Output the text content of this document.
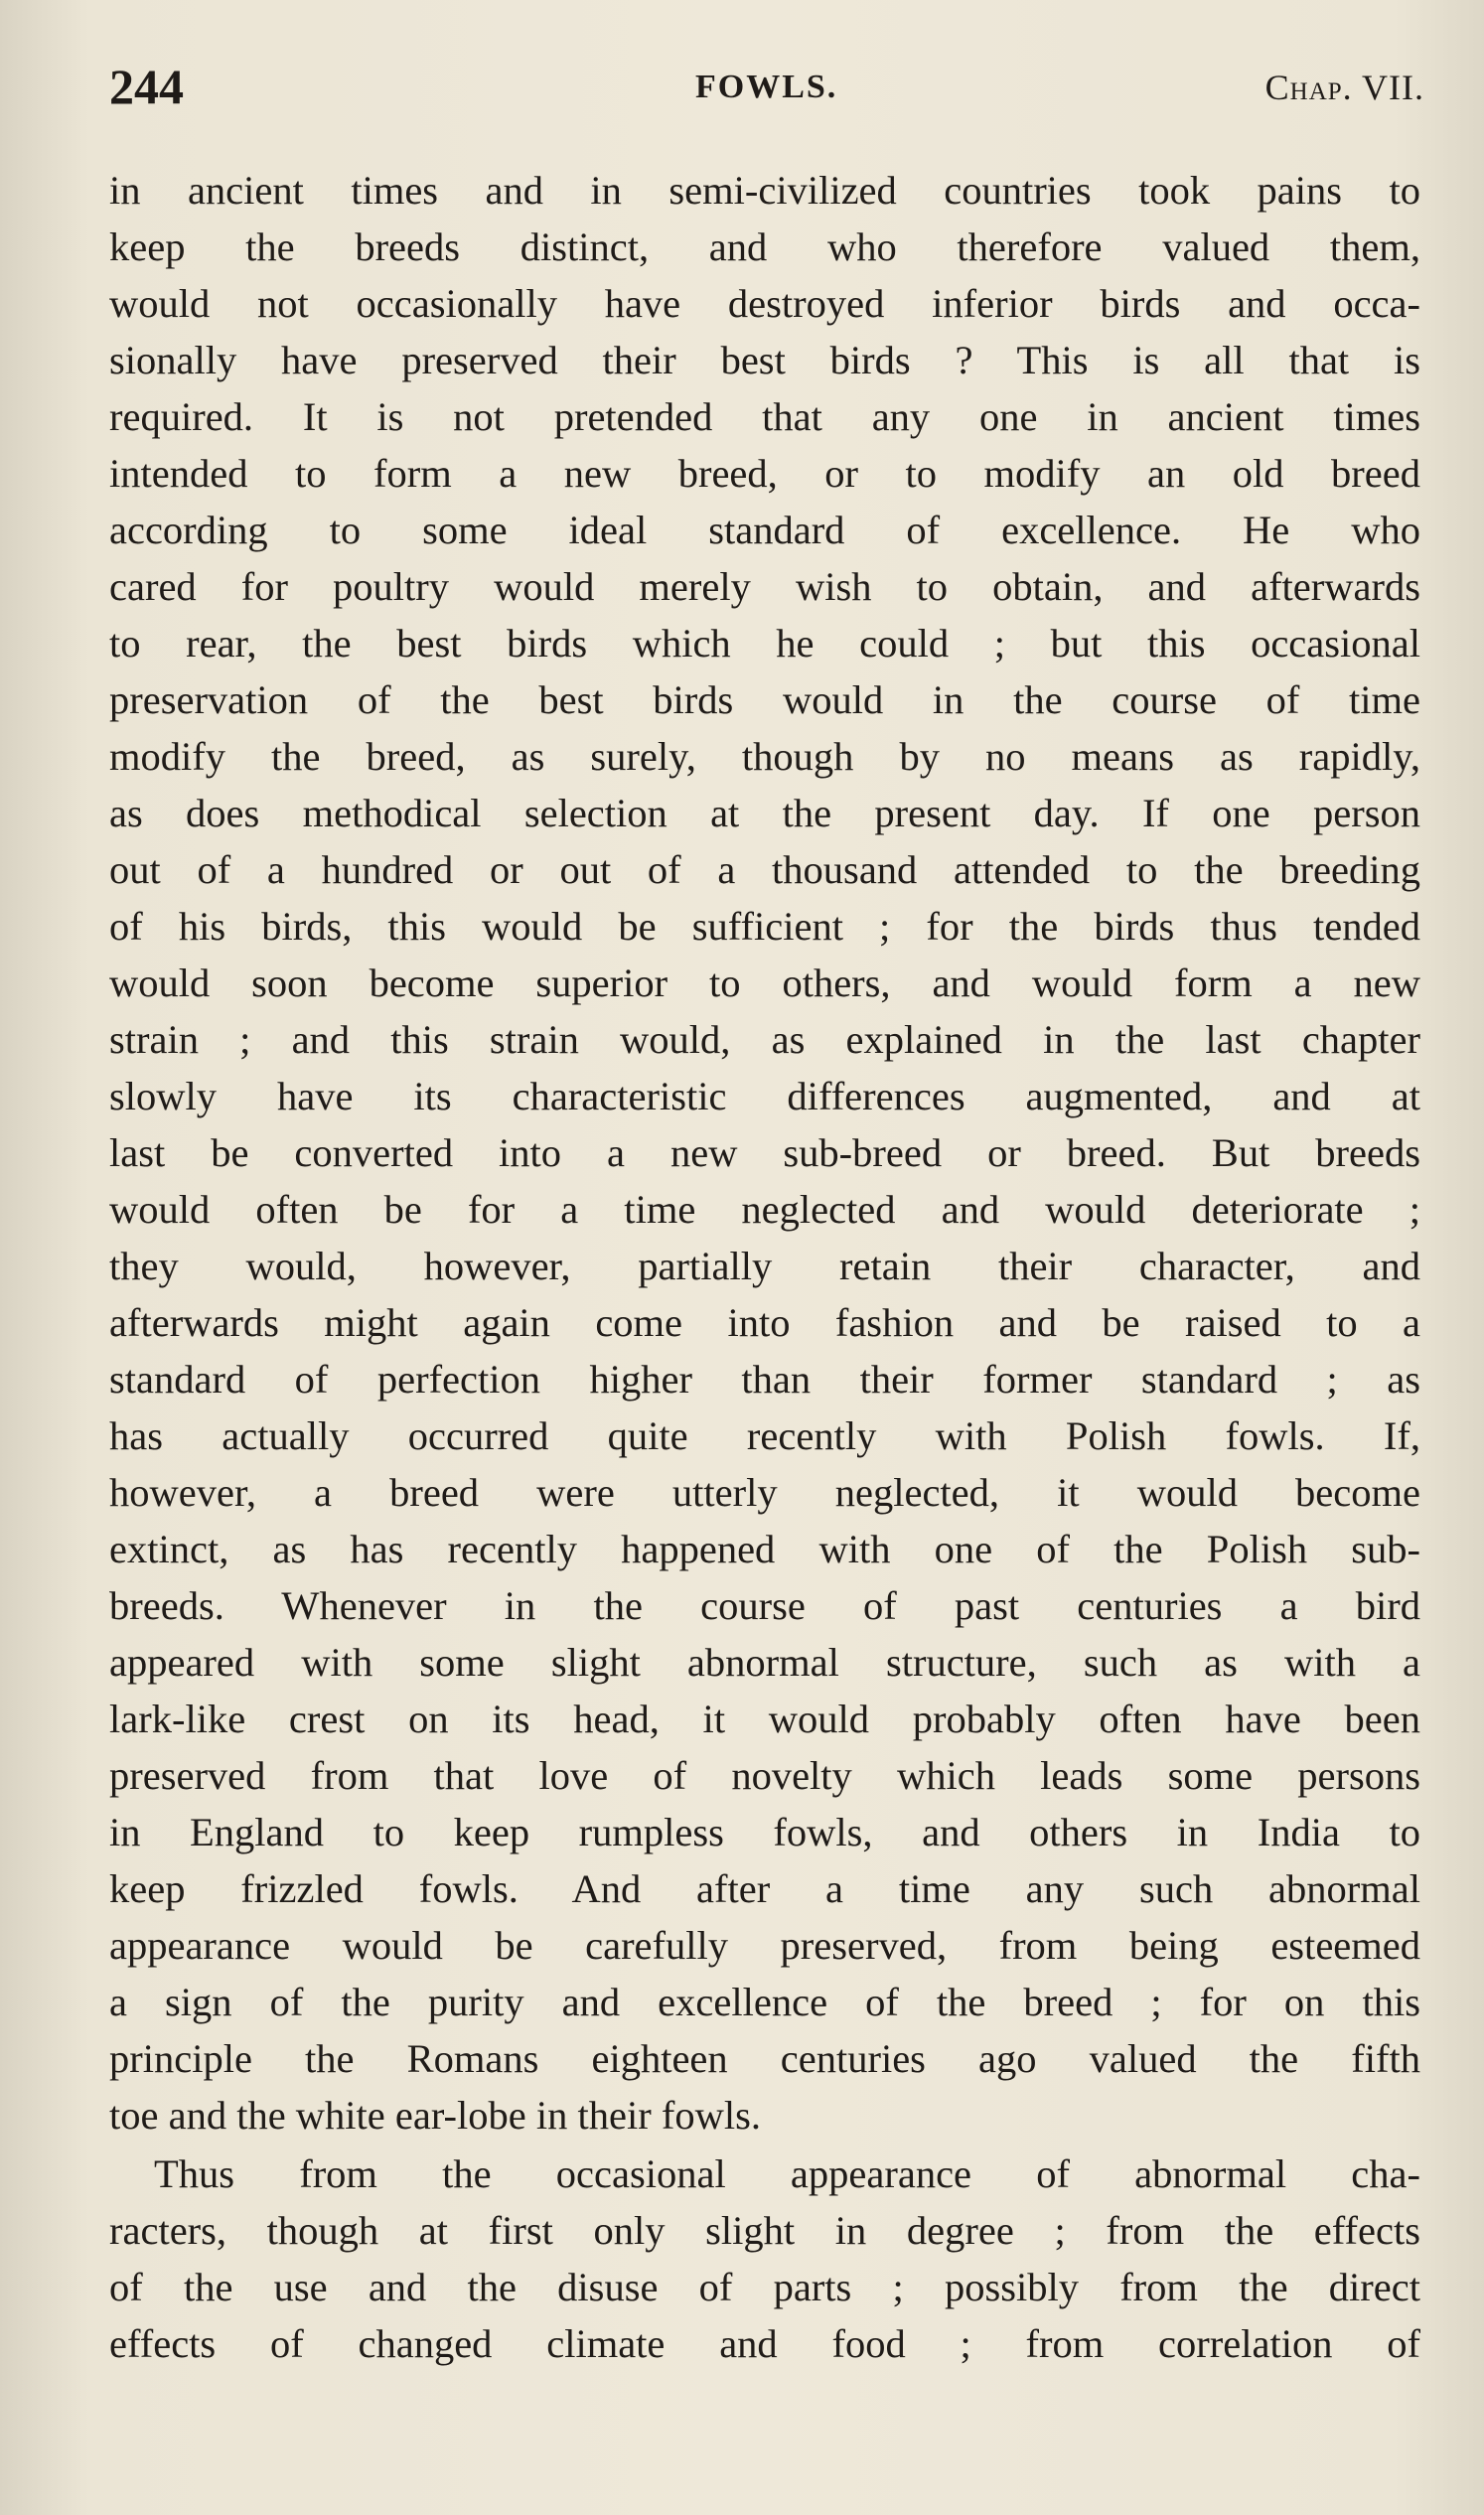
244	FOWLS.	Chap. VII.
in ancient times and in semi-civilized countries took pains to
keep the breeds distinct, and who therefore valued them,
would not occasionally have destroyed inferior birds and occa-
sionally have preserved their best birds ? This is all that is
required. It is not pretended that any one in ancient times
intended to form a new breed, or to modify an old breed
according to some ideal standard of excellence. He who
cared for poultry would merely wish to obtain, and afterwards
to rear, the best birds which he could ; but this occasional
preservation of the best birds would in the course of time
modify the breed, as surely, though by no means as rapidly,
as does methodical selection at the present day. If one person
out of a hundred or out of a thousand attended to the breeding
of his birds, this would be sufficient ; for the birds thus tended
would soon become superior to others, and would form a new
strain ; and this strain would, as explained in the last chapter
slowly have its characteristic differences augmented, and at
last be converted into a new sub-breed or breed. But breeds
would often be for a time neglected and would deteriorate ;
they would, however, partially retain their character, and
afterwards might again come into fashion and be raised to a
standard of perfection higher than their former standard ; as
has actually occurred quite recently with Polish fowls. If,
however, a breed were utterly neglected, it would become
extinct, as has recently happened with one of the Polish sub-
breeds. Whenever in the course of past centuries a bird
appeared with some slight abnormal structure, such as with a
lark-like crest on its head, it would probably often have been
preserved from that love of novelty which leads some persons
in England to keep rumpless fowls, and others in India to
keep frizzled fowls. And after a time any such abnormal
appearance would be carefully preserved, from being esteemed
a sign of the purity and excellence of the breed ; for on this
principle the Romans eighteen centuries ago valued the fifth
toe and the white ear-lobe in their fowls.
Thus from the occasional appearance of abnormal cha-
racters, though at first only slight in degree ; from the effects
of the use and the disuse of parts ; possibly from the direct
effects of changed climate and food ; from correlation of
